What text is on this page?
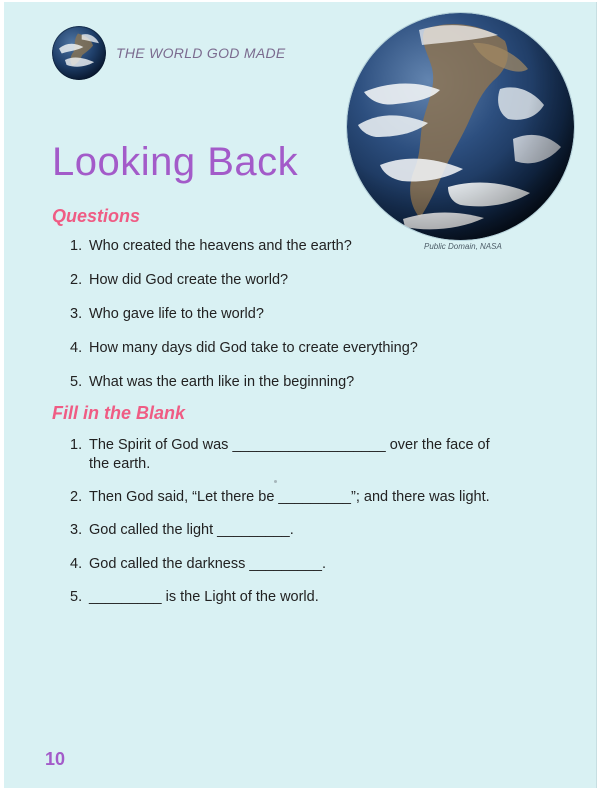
THE WORLD GOD MADE
Public Domain, NASA
Looking Back
Questions
1. Who created the heavens and the earth?
2. How did God create the world?
3. Who gave life to the world?
4. How many days did God take to create everything?
5. What was the earth like in the beginning?
Fill in the Blank
1. The Spirit of God was ___________________ over the face of
the earth.
2. Then God said, “Let there be _________”; and there was light.
3. God called the light _________.
4. God called the darkness _________.
5. _________ is the Light of the world.
10
